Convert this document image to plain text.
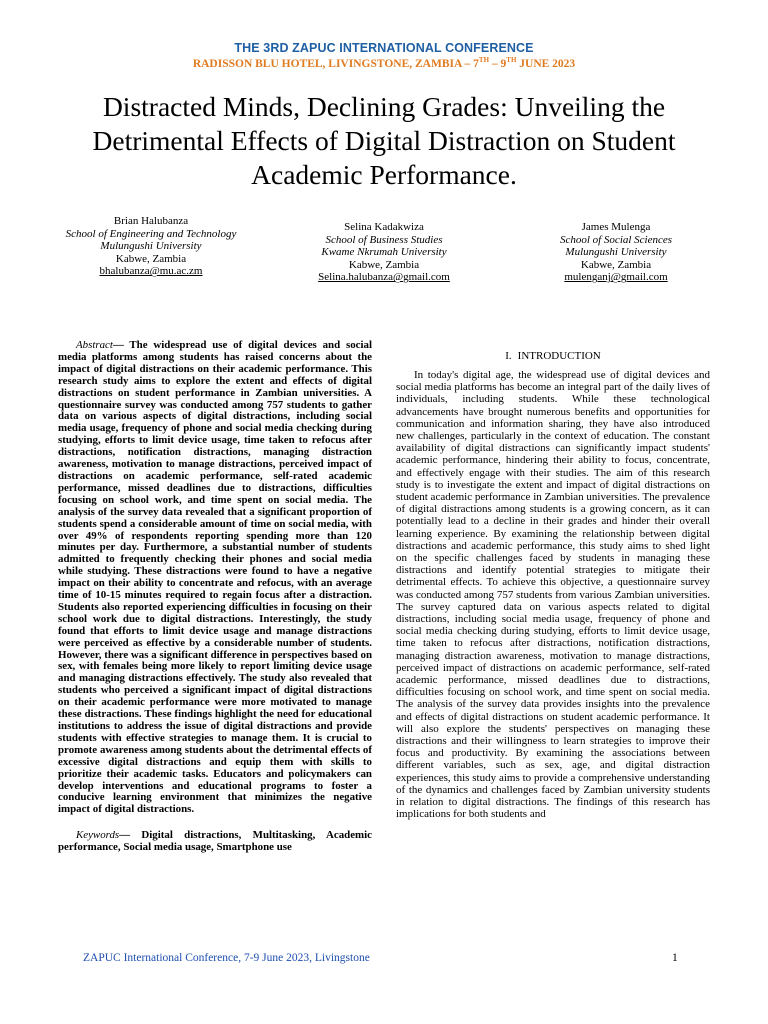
THE 3RD ZAPUC INTERNATIONAL CONFERENCE
RADISSON BLU HOTEL, LIVINGSTONE, ZAMBIA – 7TH – 9TH JUNE 2023
Distracted Minds, Declining Grades: Unveiling the Detrimental Effects of Digital Distraction on Student Academic Performance.
Brian Halubanza
School of Engineering and Technology
Mulungushi University
Kabwe, Zambia
bhalubanza@mu.ac.zm
Selina Kadakwiza
School of Business Studies
Kwame Nkrumah University
Kabwe, Zambia
Selina.halubanza@gmail.com
James Mulenga
School of Social Sciences
Mulungushi University
Kabwe, Zambia
mulenganj@gmail.com

Abstract— The widespread use of digital devices and social media platforms among students has raised concerns about the impact of digital distractions on their academic performance. This research study aims to explore the extent and effects of digital distractions on student performance in Zambian universities. A questionnaire survey was conducted among 757 students to gather data on various aspects of digital distractions, including social media usage, frequency of phone and social media checking during studying, efforts to limit device usage, time taken to refocus after distractions, notification distractions, managing distraction awareness, motivation to manage distractions, perceived impact of distractions on academic performance, self-rated academic performance, missed deadlines due to distractions, difficulties focusing on school work, and time spent on social media. The analysis of the survey data revealed that a significant proportion of students spend a considerable amount of time on social media, with over 49% of respondents reporting spending more than 120 minutes per day. Furthermore, a substantial number of students admitted to frequently checking their phones and social media while studying. These distractions were found to have a negative impact on their ability to concentrate and refocus, with an average time of 10-15 minutes required to regain focus after a distraction. Students also reported experiencing difficulties in focusing on their school work due to digital distractions. Interestingly, the study found that efforts to limit device usage and manage distractions were perceived as effective by a considerable number of students. However, there was a significant difference in perspectives based on sex, with females being more likely to report limiting device usage and managing distractions effectively. The study also revealed that students who perceived a significant impact of digital distractions on their academic performance were more motivated to manage these distractions. These findings highlight the need for educational institutions to address the issue of digital distractions and provide students with effective strategies to manage them. It is crucial to promote awareness among students about the detrimental effects of excessive digital distractions and equip them with skills to prioritize their academic tasks. Educators and policymakers can develop interventions and educational programs to foster a conducive learning environment that minimizes the negative impact of digital distractions.

Keywords— Digital distractions, Multitasking, Academic performance, Social media usage, Smartphone use

I. INTRODUCTION

In today's digital age, the widespread use of digital devices and social media platforms has become an integral part of the daily lives of individuals, including students. While these technological advancements have brought numerous benefits and opportunities for communication and information sharing, they have also introduced new challenges, particularly in the context of education. The constant availability of digital distractions can significantly impact students' academic performance, hindering their ability to focus, concentrate, and effectively engage with their studies. The aim of this research study is to investigate the extent and impact of digital distractions on student academic performance in Zambian universities. The prevalence of digital distractions among students is a growing concern, as it can potentially lead to a decline in their grades and hinder their overall learning experience. By examining the relationship between digital distractions and academic performance, this study aims to shed light on the specific challenges faced by students in managing these distractions and identify potential strategies to mitigate their detrimental effects. To achieve this objective, a questionnaire survey was conducted among 757 students from various Zambian universities. The survey captured data on various aspects related to digital distractions, including social media usage, frequency of phone and social media checking during studying, efforts to limit device usage, time taken to refocus after distractions, notification distractions, managing distraction awareness, motivation to manage distractions, perceived impact of distractions on academic performance, self-rated academic performance, missed deadlines due to distractions, difficulties focusing on school work, and time spent on social media. The analysis of the survey data provides insights into the prevalence and effects of digital distractions on student academic performance. It will also explore the students' perspectives on managing these distractions and their willingness to learn strategies to improve their focus and productivity. By examining the associations between different variables, such as sex, age, and digital distraction experiences, this study aims to provide a comprehensive understanding of the dynamics and challenges faced by Zambian university students in relation to digital distractions. The findings of this research has implications for both students and

ZAPUC International Conference, 7-9 June 2023, Livingstone	1
